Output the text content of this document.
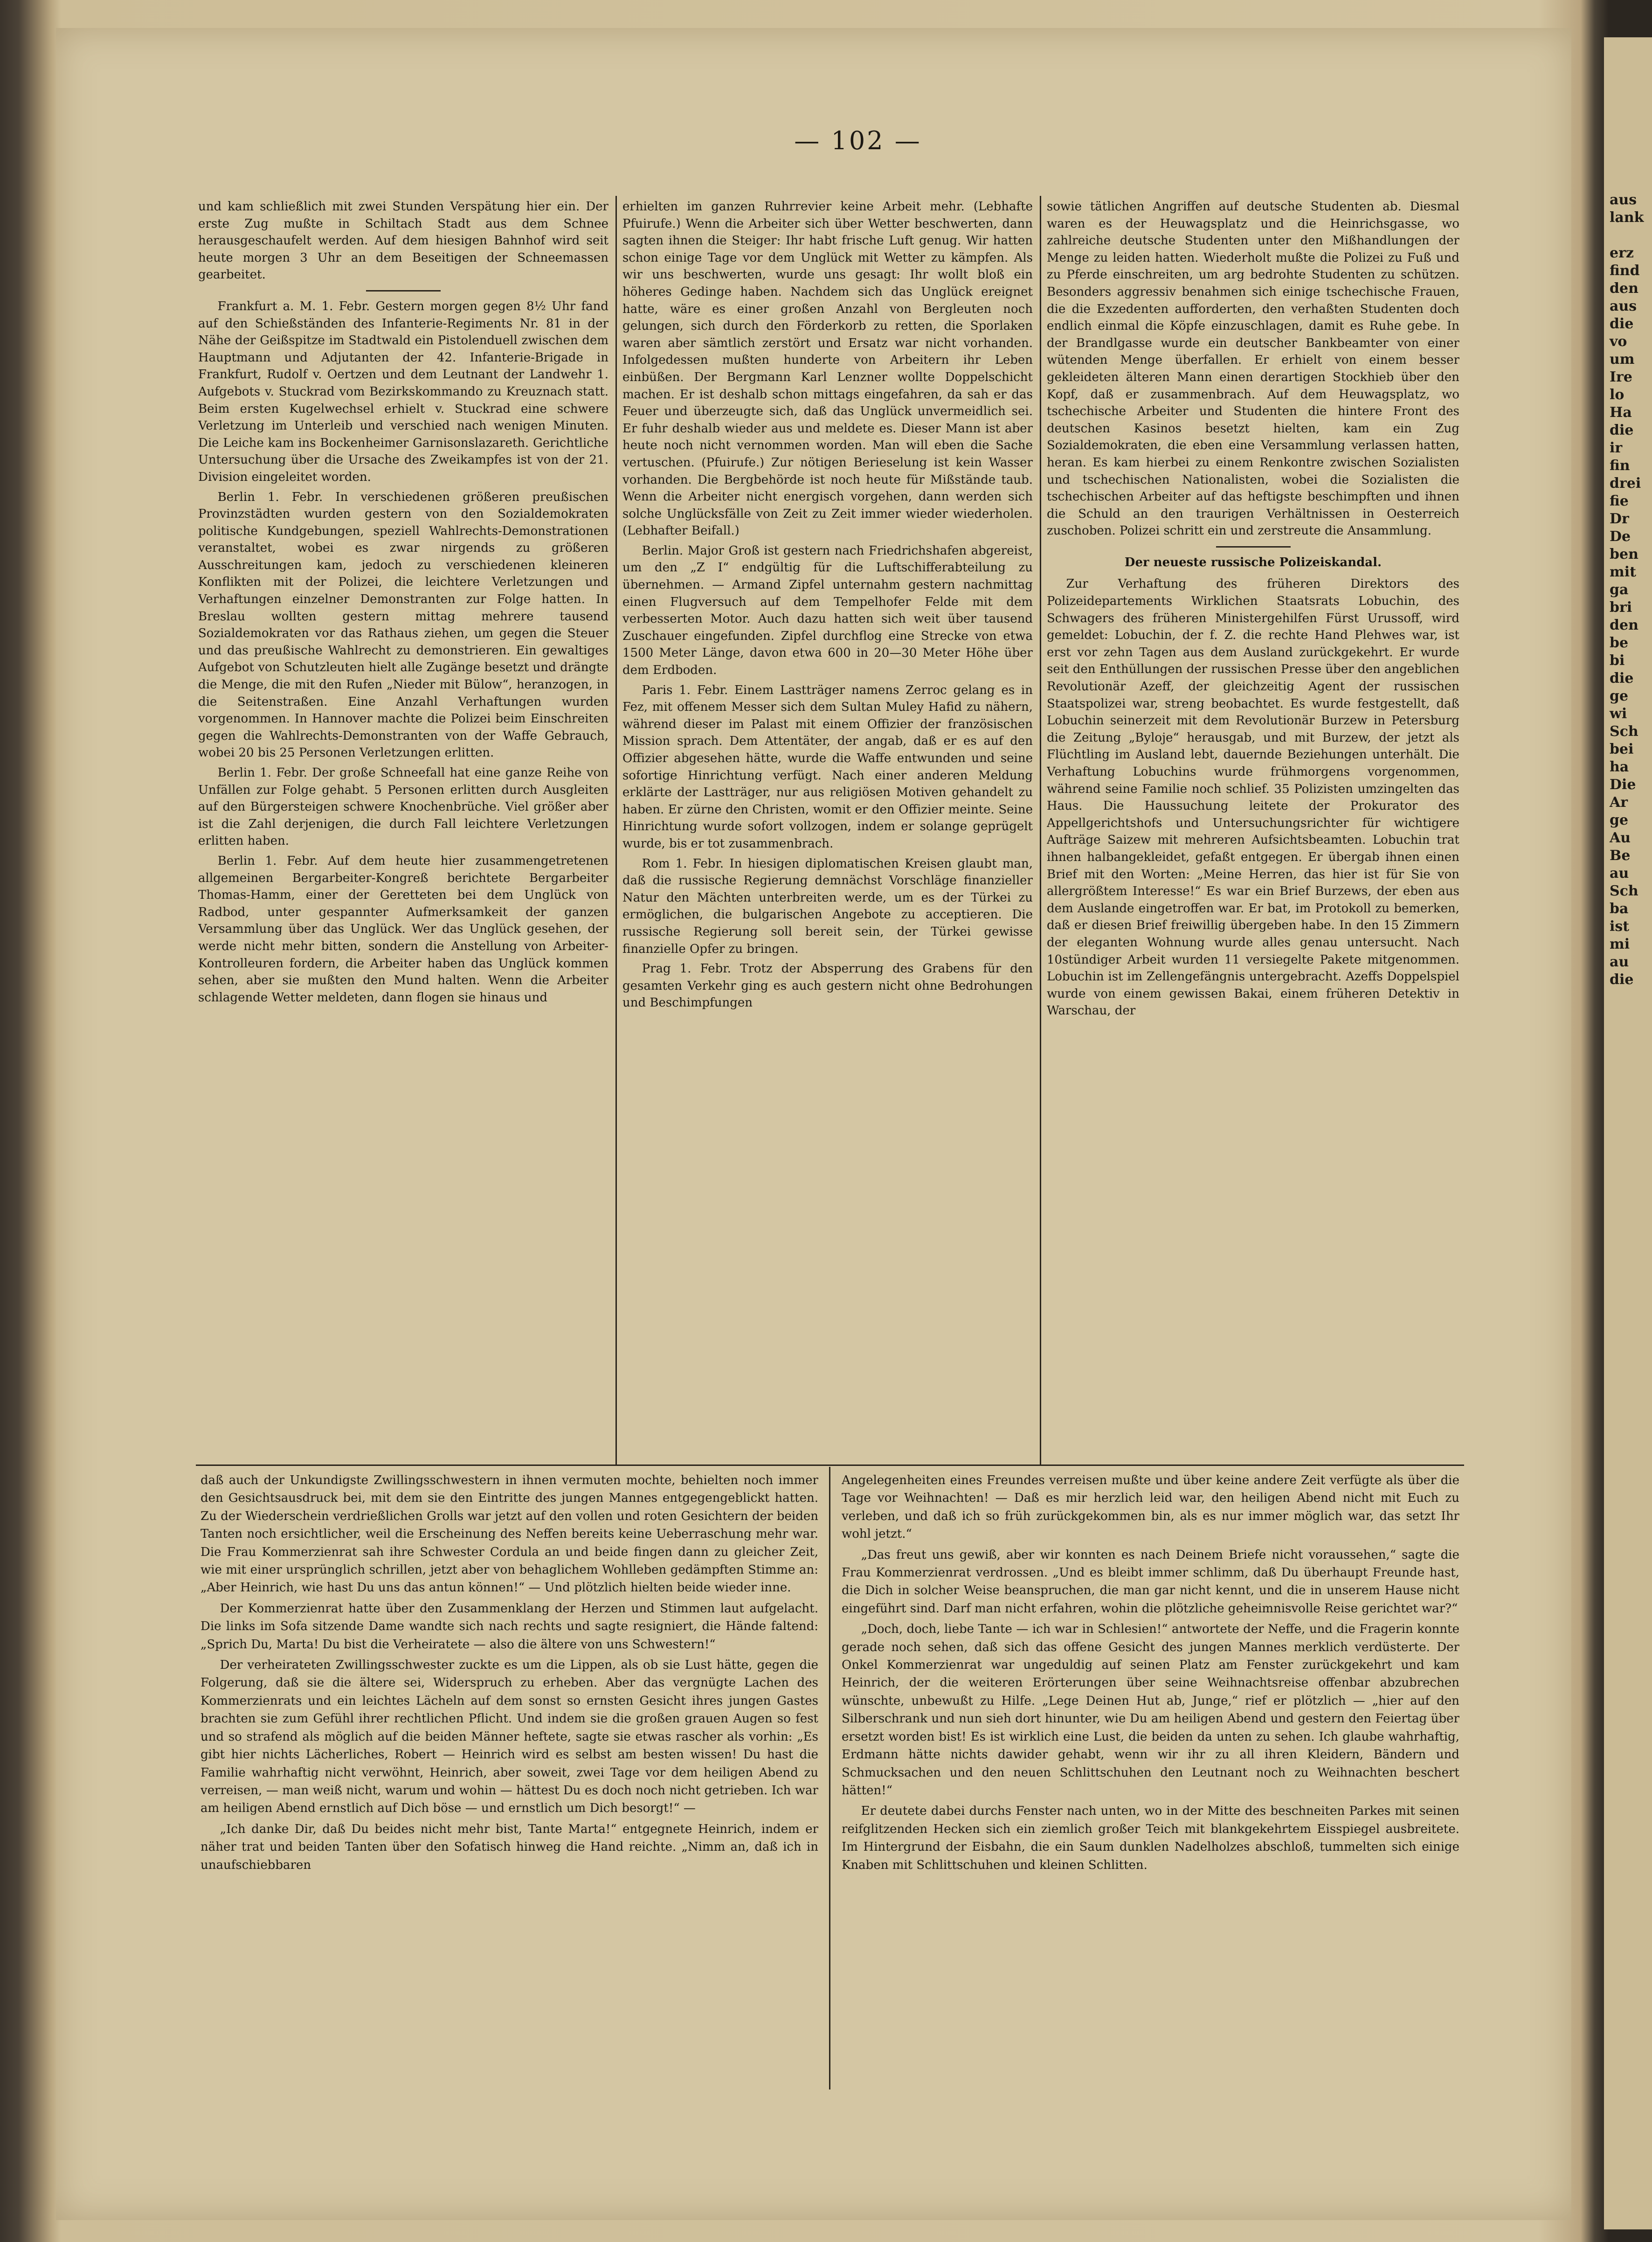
aus
lank

erz
find
den
aus
die
vo
um
Ire
lo
Ha
die
ir
fin
drei
fie
Dr
De
ben
mit
ga
bri
den
be
bi
die
ge
wi
Sch
bei
ha
Die
Ar
ge
Au
Be
au
Sch
ba
ist
mi
au
die
— 102 —

und kam schließlich mit zwei Stunden Verspätung hier ein. Der erste Zug mußte in Schiltach Stadt aus dem Schnee herausgeschaufelt werden. Auf dem hiesigen Bahnhof wird seit heute morgen 3 Uhr an dem Beseitigen der Schneemassen gearbeitet.

Frankfurt a. M. 1. Febr. Gestern morgen gegen 8½ Uhr fand auf den Schießständen des Infanterie-Regiments Nr. 81 in der Nähe der Geißspitze im Stadtwald ein Pistolenduell zwischen dem Hauptmann und Adjutanten der 42. Infanterie-Brigade in Frankfurt, Rudolf v. Oertzen und dem Leutnant der Landwehr 1. Aufgebots v. Stuckrad vom Bezirkskommando zu Kreuznach statt. Beim ersten Kugelwechsel erhielt v. Stuckrad eine schwere Verletzung im Unterleib und verschied nach wenigen Minuten. Die Leiche kam ins Bockenheimer Garnisonslazareth. Gerichtliche Untersuchung über die Ursache des Zweikampfes ist von der 21. Division eingeleitet worden.

Berlin 1. Febr. In verschiedenen größeren preußischen Provinzstädten wurden gestern von den Sozialdemokraten politische Kundgebungen, speziell Wahlrechts-Demonstrationen veranstaltet, wobei es zwar nirgends zu größeren Ausschreitungen kam, jedoch zu verschiedenen kleineren Konflikten mit der Polizei, die leichtere Verletzungen und Verhaftungen einzelner Demonstranten zur Folge hatten. In Breslau wollten gestern mittag mehrere tausend Sozialdemokraten vor das Rathaus ziehen, um gegen die Steuer und das preußische Wahlrecht zu demonstrieren. Ein gewaltiges Aufgebot von Schutzleuten hielt alle Zugänge besetzt und drängte die Menge, die mit den Rufen „Nieder mit Bülow“, heranzogen, in die Seitenstraßen. Eine Anzahl Verhaftungen wurden vorgenommen. In Hannover machte die Polizei beim Einschreiten gegen die Wahlrechts-Demonstranten von der Waffe Gebrauch, wobei 20 bis 25 Personen Verletzungen erlitten.

Berlin 1. Febr. Der große Schneefall hat eine ganze Reihe von Unfällen zur Folge gehabt. 5 Personen erlitten durch Ausgleiten auf den Bürgersteigen schwere Knochenbrüche. Viel größer aber ist die Zahl derjenigen, die durch Fall leichtere Verletzungen erlitten haben.

Berlin 1. Febr. Auf dem heute hier zusammengetretenen allgemeinen Bergarbeiter-Kongreß berichtete Bergarbeiter Thomas-Hamm, einer der Geretteten bei dem Unglück von Radbod, unter gespannter Aufmerksamkeit der ganzen Versammlung über das Unglück. Wer das Unglück gesehen, der werde nicht mehr bitten, sondern die Anstellung von Arbeiter-Kontrolleuren fordern, die Arbeiter haben das Unglück kommen sehen, aber sie mußten den Mund halten. Wenn die Arbeiter schlagende Wetter meldeten, dann flogen sie hinaus und

erhielten im ganzen Ruhrrevier keine Arbeit mehr. (Lebhafte Pfuirufe.) Wenn die Arbeiter sich über Wetter beschwerten, dann sagten ihnen die Steiger: Ihr habt frische Luft genug. Wir hatten schon einige Tage vor dem Unglück mit Wetter zu kämpfen. Als wir uns beschwerten, wurde uns gesagt: Ihr wollt bloß ein höheres Gedinge haben. Nachdem sich das Unglück ereignet hatte, wäre es einer großen Anzahl von Bergleuten noch gelungen, sich durch den Förderkorb zu retten, die Sporlaken waren aber sämtlich zerstört und Ersatz war nicht vorhanden. Infolgedessen mußten hunderte von Arbeitern ihr Leben einbüßen. Der Bergmann Karl Lenzner wollte Doppelschicht machen. Er ist deshalb schon mittags eingefahren, da sah er das Feuer und überzeugte sich, daß das Unglück unvermeidlich sei. Er fuhr deshalb wieder aus und meldete es. Dieser Mann ist aber heute noch nicht vernommen worden. Man will eben die Sache vertuschen. (Pfuirufe.) Zur nötigen Berieselung ist kein Wasser vorhanden. Die Bergbehörde ist noch heute für Mißstände taub. Wenn die Arbeiter nicht energisch vorgehen, dann werden sich solche Unglücksfälle von Zeit zu Zeit immer wieder wiederholen. (Lebhafter Beifall.)

Berlin. Major Groß ist gestern nach Friedrichshafen abgereist, um den „Z I“ endgültig für die Luftschifferabteilung zu übernehmen. — Armand Zipfel unternahm gestern nachmittag einen Flugversuch auf dem Tempelhofer Felde mit dem verbesserten Motor. Auch dazu hatten sich weit über tausend Zuschauer eingefunden. Zipfel durchflog eine Strecke von etwa 1500 Meter Länge, davon etwa 600 in 20—30 Meter Höhe über dem Erdboden.

Paris 1. Febr. Einem Lastträger namens Zerroc gelang es in Fez, mit offenem Messer sich dem Sultan Muley Hafid zu nähern, während dieser im Palast mit einem Offizier der französischen Mission sprach. Dem Attentäter, der angab, daß er es auf den Offizier abgesehen hätte, wurde die Waffe entwunden und seine sofortige Hinrichtung verfügt. Nach einer anderen Meldung erklärte der Lastträger, nur aus religiösen Motiven gehandelt zu haben. Er zürne den Christen, womit er den Offizier meinte. Seine Hinrichtung wurde sofort vollzogen, indem er solange geprügelt wurde, bis er tot zusammenbrach.

Rom 1. Febr. In hiesigen diplomatischen Kreisen glaubt man, daß die russische Regierung demnächst Vorschläge finanzieller Natur den Mächten unterbreiten werde, um es der Türkei zu ermöglichen, die bulgarischen Angebote zu acceptieren. Die russische Regierung soll bereit sein, der Türkei gewisse finanzielle Opfer zu bringen.

Prag 1. Febr. Trotz der Absperrung des Grabens für den gesamten Verkehr ging es auch gestern nicht ohne Bedrohungen und Beschimpfungen

sowie tätlichen Angriffen auf deutsche Studenten ab. Diesmal waren es der Heuwagsplatz und die Heinrichsgasse, wo zahlreiche deutsche Studenten unter den Mißhandlungen der Menge zu leiden hatten. Wiederholt mußte die Polizei zu Fuß und zu Pferde einschreiten, um arg bedrohte Studenten zu schützen. Besonders aggressiv benahmen sich einige tschechische Frauen, die die Exzedenten aufforderten, den verhaßten Studenten doch endlich einmal die Köpfe einzuschlagen, damit es Ruhe gebe. In der Brandlgasse wurde ein deutscher Bankbeamter von einer wütenden Menge überfallen. Er erhielt von einem besser gekleideten älteren Mann einen derartigen Stockhieb über den Kopf, daß er zusammenbrach. Auf dem Heuwagsplatz, wo tschechische Arbeiter und Studenten die hintere Front des deutschen Kasinos besetzt hielten, kam ein Zug Sozialdemokraten, die eben eine Versammlung verlassen hatten, heran. Es kam hierbei zu einem Renkontre zwischen Sozialisten und tschechischen Nationalisten, wobei die Sozialisten die tschechischen Arbeiter auf das heftigste beschimpften und ihnen die Schuld an den traurigen Verhältnissen in Oesterreich zuschoben. Polizei schritt ein und zerstreute die Ansammlung.

Der neueste russische Polizeiskandal.

Zur Verhaftung des früheren Direktors des Polizeidepartements Wirklichen Staatsrats Lobuchin, des Schwagers des früheren Ministergehilfen Fürst Urussoff, wird gemeldet: Lobuchin, der f. Z. die rechte Hand Plehwes war, ist erst vor zehn Tagen aus dem Ausland zurückgekehrt. Er wurde seit den Enthüllungen der russischen Presse über den angeblichen Revolutionär Azeff, der gleichzeitig Agent der russischen Staatspolizei war, streng beobachtet. Es wurde festgestellt, daß Lobuchin seinerzeit mit dem Revolutionär Burzew in Petersburg die Zeitung „Byloje“ herausgab, und mit Burzew, der jetzt als Flüchtling im Ausland lebt, dauernde Beziehungen unterhält. Die Verhaftung Lobuchins wurde frühmorgens vorgenommen, während seine Familie noch schlief. 35 Polizisten umzingelten das Haus. Die Haussuchung leitete der Prokurator des Appellgerichtshofs und Untersuchungsrichter für wichtigere Aufträge Saizew mit mehreren Aufsichtsbeamten. Lobuchin trat ihnen halbangekleidet, gefaßt entgegen. Er übergab ihnen einen Brief mit den Worten: „Meine Herren, das hier ist für Sie von allergrößtem Interesse!“ Es war ein Brief Burzews, der eben aus dem Auslande eingetroffen war. Er bat, im Protokoll zu bemerken, daß er diesen Brief freiwillig übergeben habe. In den 15 Zimmern der eleganten Wohnung wurde alles genau untersucht. Nach 10stündiger Arbeit wurden 11 versiegelte Pakete mitgenommen. Lobuchin ist im Zellengefängnis untergebracht. Azeffs Doppelspiel wurde von einem gewissen Bakai, einem früheren Detektiv in Warschau, der

daß auch der Unkundigste Zwillingsschwestern in ihnen vermuten mochte, behielten noch immer den Gesichtsausdruck bei, mit dem sie den Eintritte des jungen Mannes entgegengeblickt hatten. Zu der Wiederschein verdrießlichen Grolls war jetzt auf den vollen und roten Gesichtern der beiden Tanten noch ersichtlicher, weil die Erscheinung des Neffen bereits keine Ueberraschung mehr war. Die Frau Kommerzienrat sah ihre Schwester Cordula an und beide fingen dann zu gleicher Zeit, wie mit einer ursprünglich schrillen, jetzt aber von behaglichem Wohlleben gedämpften Stimme an: „Aber Heinrich, wie hast Du uns das antun können!“ — Und plötzlich hielten beide wieder inne.

Der Kommerzienrat hatte über den Zusammenklang der Herzen und Stimmen laut aufgelacht. Die links im Sofa sitzende Dame wandte sich nach rechts und sagte resigniert, die Hände faltend: „Sprich Du, Marta! Du bist die Verheiratete — also die ältere von uns Schwestern!“

Der verheirateten Zwillingsschwester zuckte es um die Lippen, als ob sie Lust hätte, gegen die Folgerung, daß sie die ältere sei, Widerspruch zu erheben. Aber das vergnügte Lachen des Kommerzienrats und ein leichtes Lächeln auf dem sonst so ernsten Gesicht ihres jungen Gastes brachten sie zum Gefühl ihrer rechtlichen Pflicht. Und indem sie die großen grauen Augen so fest und so strafend als möglich auf die beiden Männer heftete, sagte sie etwas rascher als vorhin: „Es gibt hier nichts Lächerliches, Robert — Heinrich wird es selbst am besten wissen! Du hast die Familie wahrhaftig nicht verwöhnt, Heinrich, aber soweit, zwei Tage vor dem heiligen Abend zu verreisen, — man weiß nicht, warum und wohin — hättest Du es doch noch nicht getrieben. Ich war am heiligen Abend ernstlich auf Dich böse — und ernstlich um Dich besorgt!“ —

„Ich danke Dir, daß Du beides nicht mehr bist, Tante Marta!“ entgegnete Heinrich, indem er näher trat und beiden Tanten über den Sofatisch hinweg die Hand reichte. „Nimm an, daß ich in unaufschiebbaren

Angelegenheiten eines Freundes verreisen mußte und über keine andere Zeit verfügte als über die Tage vor Weihnachten! — Daß es mir herzlich leid war, den heiligen Abend nicht mit Euch zu verleben, und daß ich so früh zurückgekommen bin, als es nur immer möglich war, das setzt Ihr wohl jetzt.“

„Das freut uns gewiß, aber wir konnten es nach Deinem Briefe nicht voraussehen,“ sagte die Frau Kommerzienrat verdrossen. „Und es bleibt immer schlimm, daß Du überhaupt Freunde hast, die Dich in solcher Weise beanspruchen, die man gar nicht kennt, und die in unserem Hause nicht eingeführt sind. Darf man nicht erfahren, wohin die plötzliche geheimnisvolle Reise gerichtet war?“

„Doch, doch, liebe Tante — ich war in Schlesien!“ antwortete der Neffe, und die Fragerin konnte gerade noch sehen, daß sich das offene Gesicht des jungen Mannes merklich verdüsterte. Der Onkel Kommerzienrat war ungeduldig auf seinen Platz am Fenster zurückgekehrt und kam Heinrich, der die weiteren Erörterungen über seine Weihnachtsreise offenbar abzubrechen wünschte, unbewußt zu Hilfe. „Lege Deinen Hut ab, Junge,“ rief er plötzlich — „hier auf den Silberschrank und nun sieh dort hinunter, wie Du am heiligen Abend und gestern den Feiertag über ersetzt worden bist! Es ist wirklich eine Lust, die beiden da unten zu sehen. Ich glaube wahrhaftig, Erdmann hätte nichts dawider gehabt, wenn wir ihr zu all ihren Kleidern, Bändern und Schmucksachen und den neuen Schlittschuhen den Leutnant noch zu Weihnachten beschert hätten!“

Er deutete dabei durchs Fenster nach unten, wo in der Mitte des beschneiten Parkes mit seinen reifglitzenden Hecken sich ein ziemlich großer Teich mit blankgekehrtem Eisspiegel ausbreitete. Im Hintergrund der Eisbahn, die ein Saum dunklen Nadelholzes abschloß, tummelten sich einige Knaben mit Schlittschuhen und kleinen Schlitten.
